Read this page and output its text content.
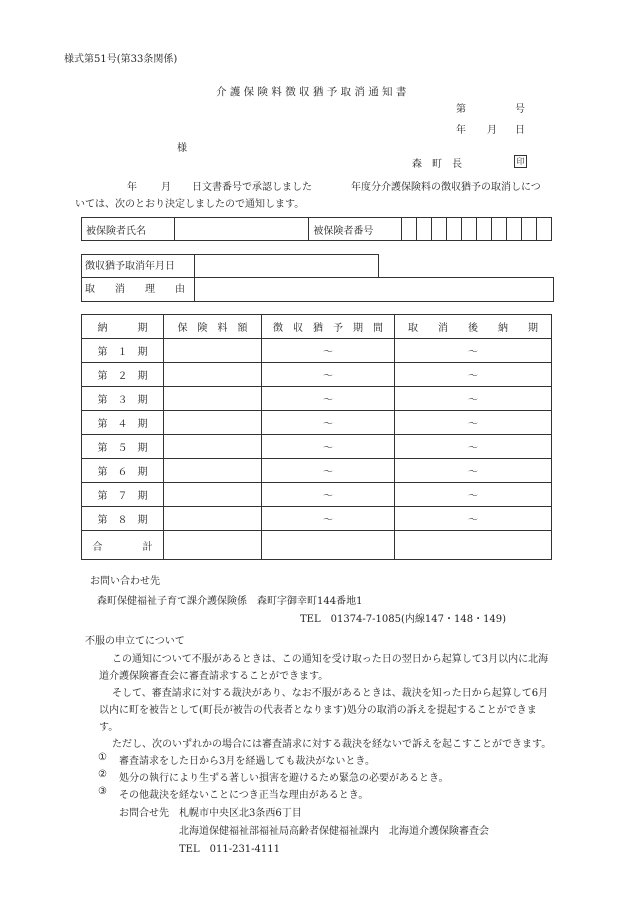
様式第51号(第33条関係)
介 護 保 険 料 徴 収 猶 予 取 消 通 知 書
第	号
年 月 日
様
森　町　長	印
年 月 日文書番号で承認しました	年度分介護保険料の徴収猶予の取消しにつ
いては、次のとおり決定しましたので通知します。
被保険者氏名		被保険者番号										
徴収猶予取消年月日
取　　消　　理　　由
納　　　期	保　険　料　額	徴　収　猶　予　期　間	取　　消　　後　　納　　期
第　１　期		～	～
第　２　期		～	～
第　３　期		～	～
第　４　期		～	～
第　５　期		～	～
第　６　期		～	～
第　７　期		～	～
第　８　期		～	～
合　　　　計			
お問い合わせ先
森町保健福祉子育て課介護保険係　森町字御幸町144番地1
TEL　01374-7-1085(内線147・148・149)
不服の申立てについて
この通知について不服があるときは、この通知を受け取った日の翌日から起算して3月以内に北海
道介護保険審査会に審査請求することができます。
そして、審査請求に対する裁決があり、なお不服があるときは、裁決を知った日から起算して6月
以内に町を被告として(町長が被告の代表者となります)処分の取消の訴えを提起することができま
す。
ただし、次のいずれかの場合には審査請求に対する裁決を経ないで訴えを起こすことができます。
① 審査請求をした日から3月を経過しても裁決がないとき。
② 処分の執行により生ずる著しい損害を避けるため緊急の必要があるとき。
③ その他裁決を経ないことにつき正当な理由があるとき。
お問合せ先 札幌市中央区北3条西6丁目
北海道保健福祉部福祉局高齢者保健福祉課内　北海道介護保険審査会
TEL　011-231-4111
